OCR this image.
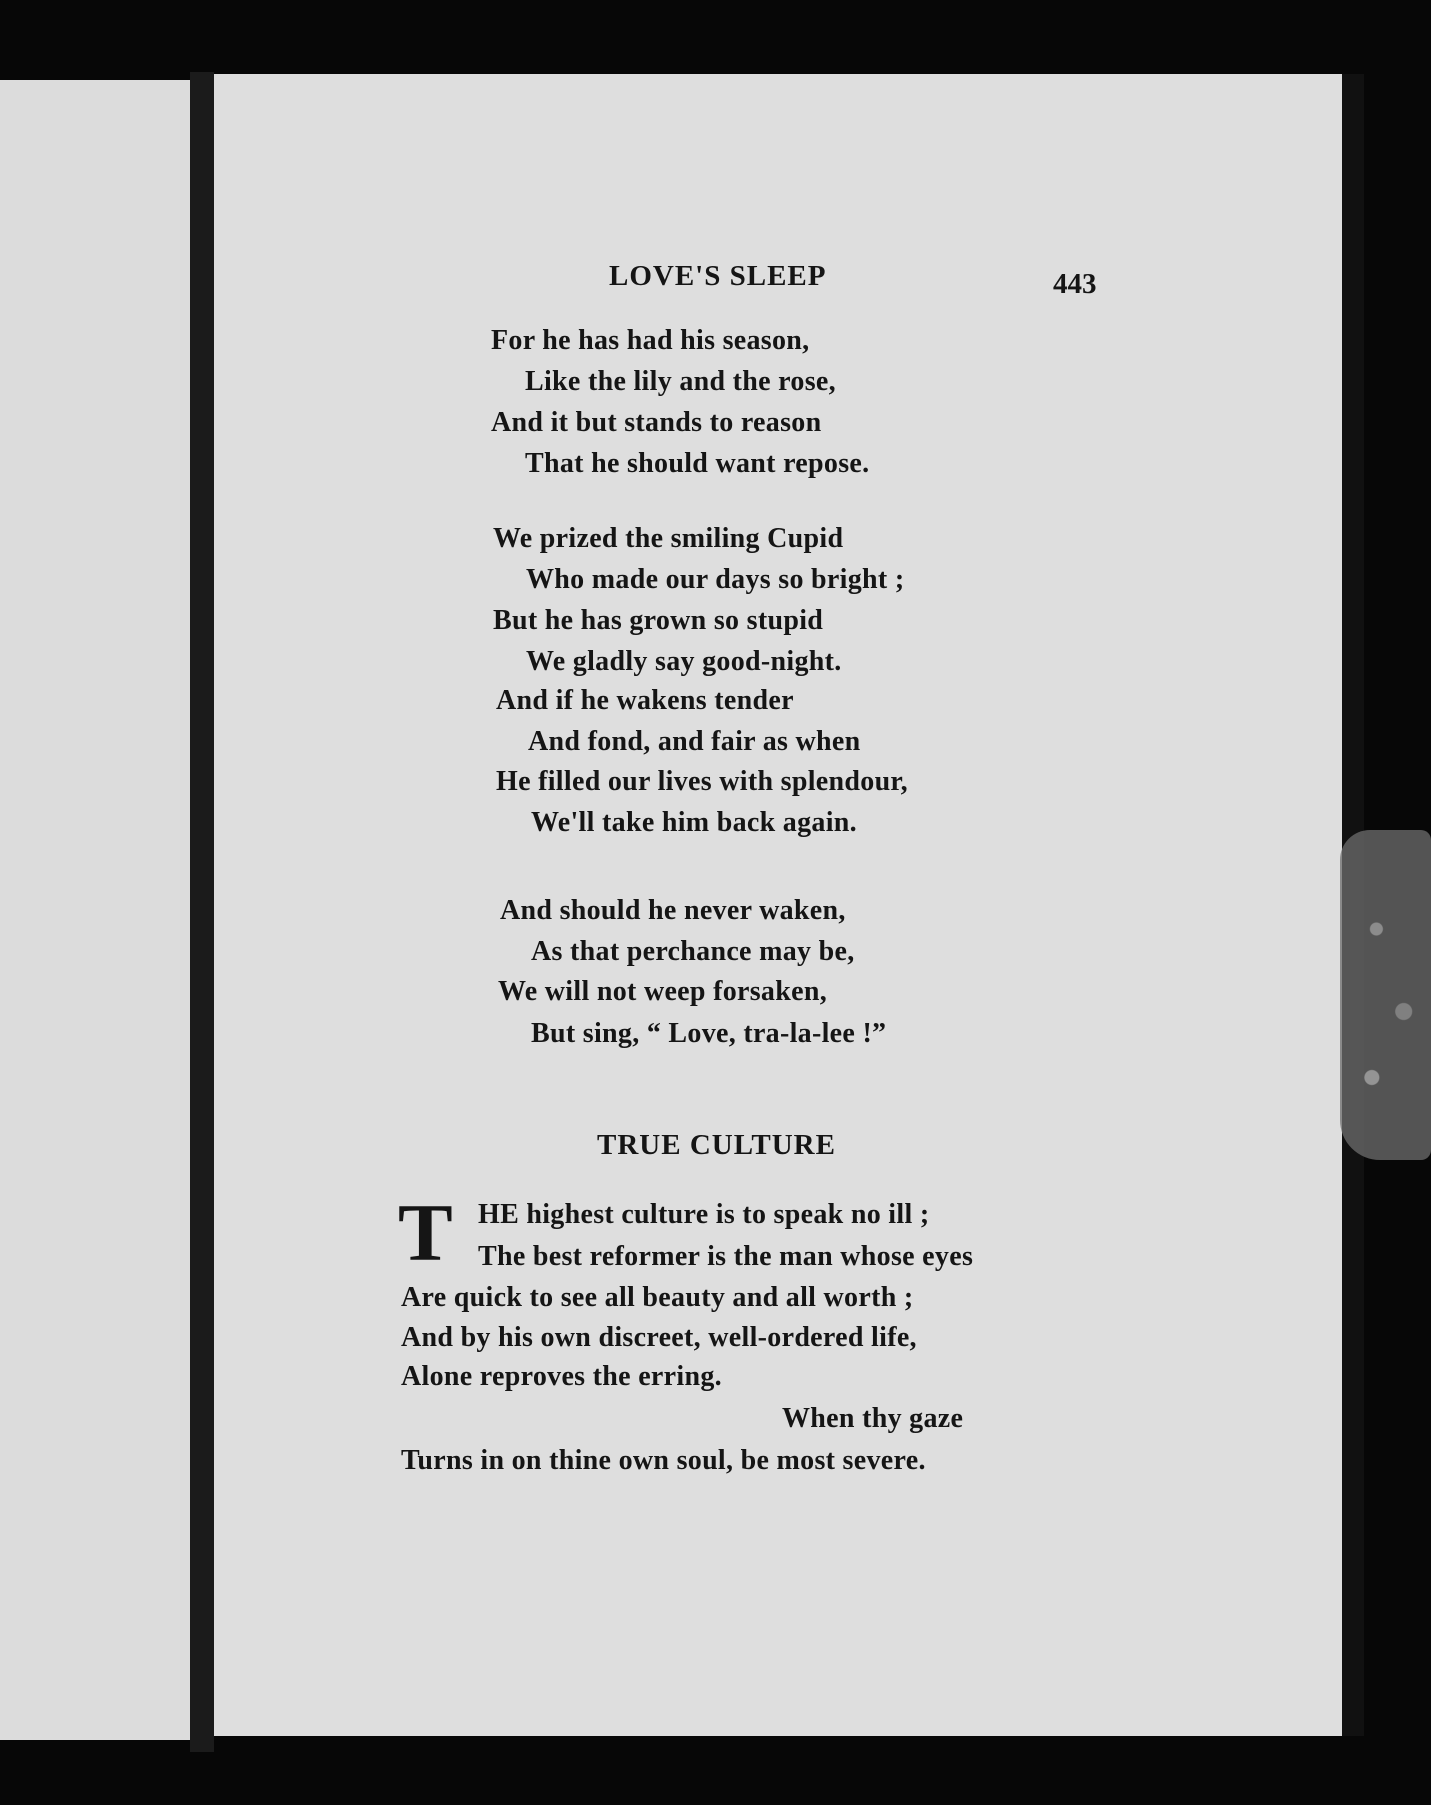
LOVE'S SLEEP	443
For he has had his season,
Like the lily and the rose,
And it but stands to reason
That he should want repose.
We prized the smiling Cupid
Who made our days so bright ;
But he has grown so stupid
We gladly say good-night.
And if he wakens tender
And fond, and fair as when
He filled our lives with splendour,
We'll take him back again.
And should he never waken,
As that perchance may be,
We will not weep forsaken,
But sing, “ Love, tra-la-lee !”
TRUE CULTURE
T HE highest culture is to speak no ill ;
The best reformer is the man whose eyes
Are quick to see all beauty and all worth ;
And by his own discreet, well-ordered life,
Alone reproves the erring.
When thy gaze
Turns in on thine own soul, be most severe.
